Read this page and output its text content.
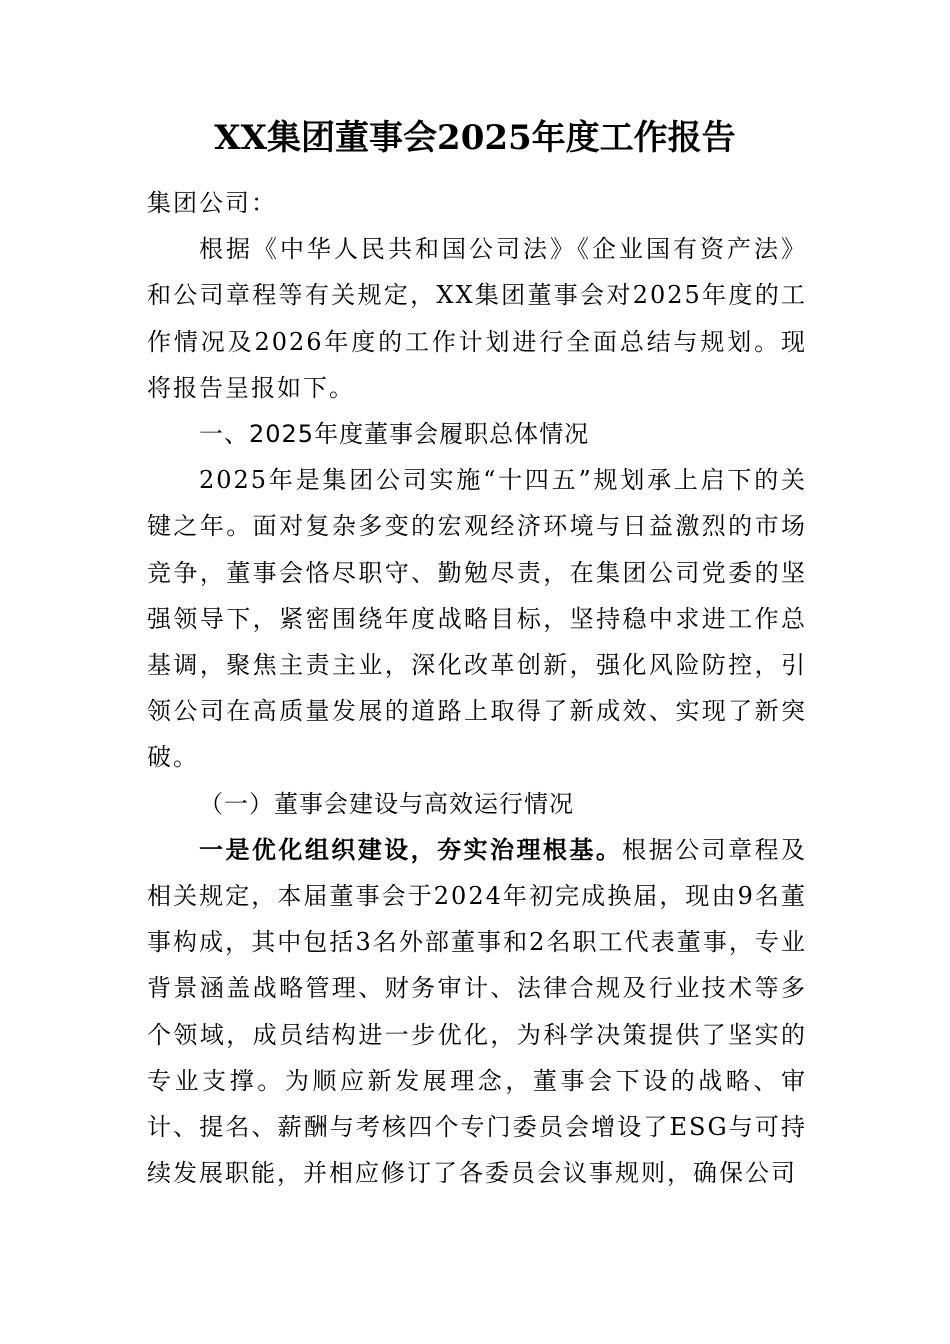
XX集团董事会2025年度工作报告

集团公司：

根据《中华人民共和国公司法》《企业国有资产法》和公司章程等有关规定，XX集团董事会对2025年度的工作情况及2026年度的工作计划进行全面总结与规划。现将报告呈报如下。

一、2025年度董事会履职总体情况

2025年是集团公司实施“十四五”规划承上启下的关键之年。面对复杂多变的宏观经济环境与日益激烈的市场竞争，董事会恪尽职守、勤勉尽责，在集团公司党委的坚强领导下，紧密围绕年度战略目标，坚持稳中求进工作总基调，聚焦主责主业，深化改革创新，强化风险防控，引领公司在高质量发展的道路上取得了新成效、实现了新突破。

（一）董事会建设与高效运行情况

一是优化组织建设，夯实治理根基。根据公司章程及相关规定，本届董事会于2024年初完成换届，现由9名董事构成，其中包括3名外部董事和2名职工代表董事，专业背景涵盖战略管理、财务审计、法律合规及行业技术等多个领域，成员结构进一步优化，为科学决策提供了坚实的专业支撑。为顺应新发展理念，董事会下设的战略、审计、提名、薪酬与考核四个专门委员会增设了ESG与可持续发展职能，并相应修订了各委员会议事规则，确保公司
